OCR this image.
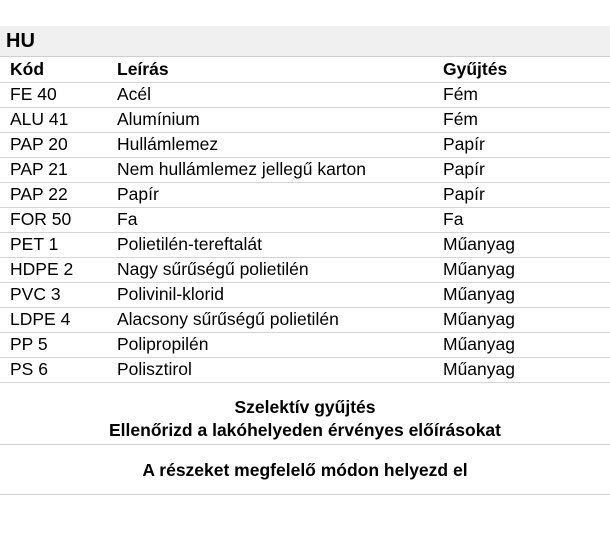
HU
Kód	Leírás	Gyűjtés
FE 40	Acél	Fém
ALU 41	Alumínium	Fém
PAP 20	Hullámlemez	Papír
PAP 21	Nem hullámlemez jellegű karton	Papír
PAP 22	Papír	Papír
FOR 50	Fa	Fa
PET 1	Polietilén-tereftalát	Műanyag
HDPE 2	Nagy sűrűségű polietilén	Műanyag
PVC 3	Polivinil-klorid	Műanyag
LDPE 4	Alacsony sűrűségű polietilén	Műanyag
PP 5	Polipropilén	Műanyag
PS 6	Polisztirol	Műanyag
Szelektív gyűjtés
Ellenőrizd a lakóhelyeden érvényes előírásokat
A részeket megfelelő módon helyezd el
